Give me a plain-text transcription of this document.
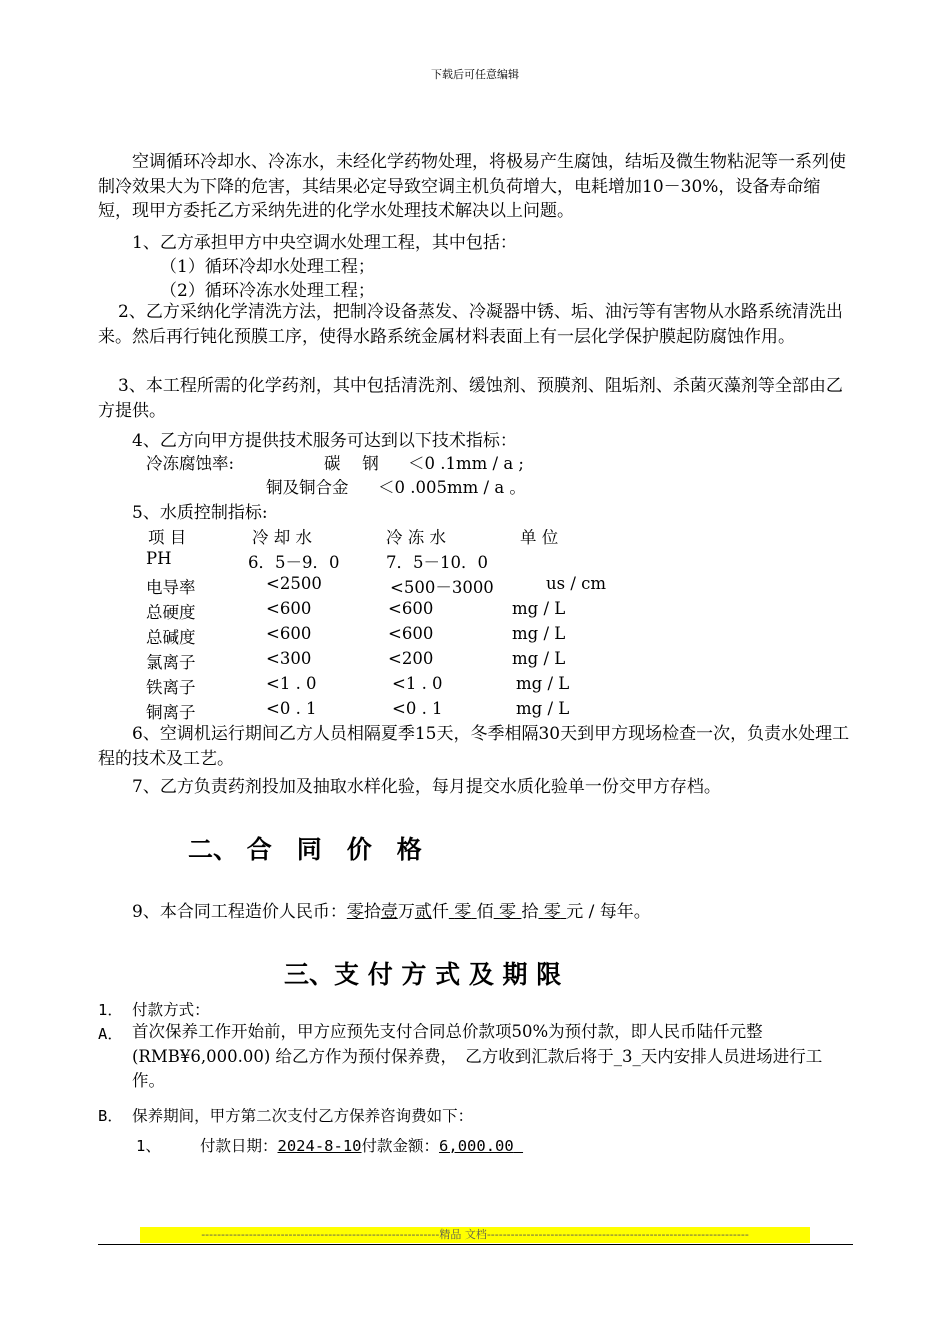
下载后可任意编辑
空调循环冷却水、冷冻水，未经化学药物处理，将极易产生腐蚀，结垢及微生物粘泥等一系列使制冷效果大为下降的危害，其结果必定导致空调主机负荷增大，电耗增加10－30%，设备寿命缩短，现甲方委托乙方采纳先进的化学水处理技术解决以上问题。
1、乙方承担甲方中央空调水处理工程，其中包括：
（1）循环冷却水处理工程；
（2）循环冷冻水处理工程；
2、乙方采纳化学清洗方法，把制冷设备蒸发、冷凝器中锈、垢、油污等有害物从水路系统清洗出来。然后再行钝化预膜工序，使得水路系统金属材料表面上有一层化学保护膜起防腐蚀作用。
3、本工程所需的化学药剂，其中包括清洗剂、缓蚀剂、预膜剂、阻垢剂、杀菌灭藻剂等全部由乙方提供。
4、乙方向甲方提供技术服务可达到以下技术指标：
冷冻腐蚀率:	碳　 钢 ＜0 .1mm / a ;
铜及铜合金 ＜0 .005mm / a 。
5、水质控制指标:
项 目	冷 却 水	冷 冻 水	单 位
PH	6．5－9．0	7．5－10．0
电导率	<2500	<500－3000	us / cm
总硬度	<600	<600	mg / L
总碱度	<600	<600	mg / L
氯离子	<300	<200	mg / L
铁离子	<1 . 0	<1 . 0	mg / L
铜离子	<0 . 1	<0 . 1	mg / L
6、空调机运行期间乙方人员相隔夏季15天，冬季相隔30天到甲方现场检查一次，负责水处理工程的技术及工艺。
7、乙方负责药剂投加及抽取水样化验，每月提交水质化验单一份交甲方存档。
二、 合　同　价　格
9、本合同工程造价人民币：零拾壹万贰仟 零 佰 零 拾 零 元 / 每年。
三、支 付 方 式 及 期 限
1． 付款方式：
A． 首次保养工作开始前，甲方应预先支付合同总价款项50%为预付款，即人民币陆仟元整(RMB¥6,000.00) 给乙方作为预付保养费，　乙方收到汇款后将于_3_天内安排人员进场进行工作。
B． 保养期间，甲方第二次支付乙方保养咨询费如下：
1、	付款日期：2024-8-10付款金额：6,000.00
------------------------------------------------------------精品 文档------------------------------------------------------------------
